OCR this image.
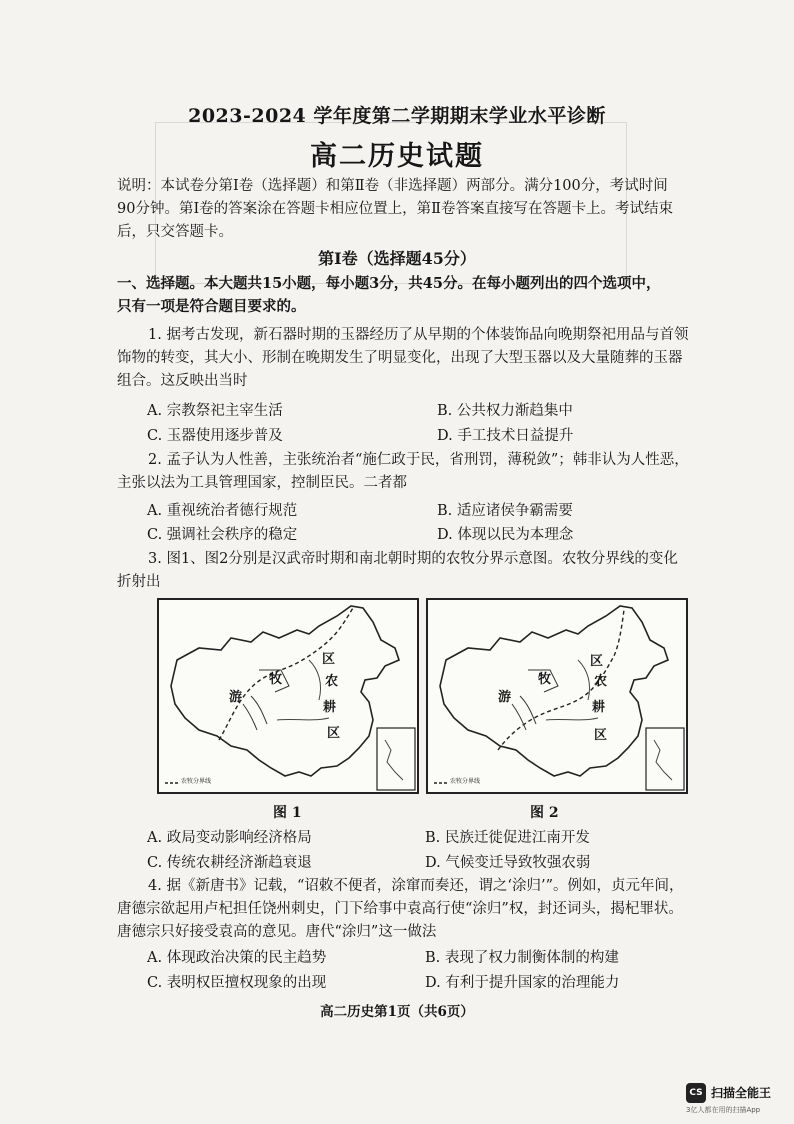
2023-2024 学年度第二学期期末学业水平诊断
高二历史试题
说明：本试卷分第Ⅰ卷（选择题）和第Ⅱ卷（非选择题）两部分。满分100分，考试时间
90分钟。第Ⅰ卷的答案涂在答题卡相应位置上，第Ⅱ卷答案直接写在答题卡上。考试结束
后，只交答题卡。
第Ⅰ卷（选择题45分）
一、选择题。本大题共15小题，每小题3分，共45分。在每小题列出的四个选项中，
只有一项是符合题目要求的。
1. 据考古发现，新石器时期的玉器经历了从早期的个体装饰品向晚期祭祀用品与首领
饰物的转变，其大小、形制在晚期发生了明显变化，出现了大型玉器以及大量随葬的玉器
组合。这反映出当时
A. 宗教祭祀主宰生活	B. 公共权力渐趋集中
C. 玉器使用逐步普及	D. 手工技术日益提升
2. 孟子认为人性善，主张统治者“施仁政于民，省刑罚，薄税敛”；韩非认为人性恶，
主张以法为工具管理国家，控制臣民。二者都
A. 重视统治者德行规范	B. 适应诸侯争霸需要
C. 强调社会秩序的稳定	D. 体现以民为本理念
3. 图1、图2分别是汉武帝时期和南北朝时期的农牧分界示意图。农牧分界线的变化
折射出
区
牧	农
游
耕
区
农牧分界线
图 1
区
牧	农
游
耕
区
农牧分界线
图 2
A. 政局变动影响经济格局	B. 民族迁徙促进江南开发
C. 传统农耕经济渐趋衰退	D. 气候变迁导致牧强农弱
4. 据《新唐书》记载，“诏敕不便者，涂窜而奏还，谓之‘涂归’”。例如，贞元年间，
唐德宗欲起用卢杞担任饶州刺史，门下给事中袁高行使“涂归”权，封还词头，揭杞罪状。
唐德宗只好接受袁高的意见。唐代“涂归”这一做法
A. 体现政治决策的民主趋势	B. 表现了权力制衡体制的构建
C. 表明权臣擅权现象的出现	D. 有利于提升国家的治理能力
高二历史第1页（共6页）
CS 扫描全能王
3亿人都在用的扫描App
